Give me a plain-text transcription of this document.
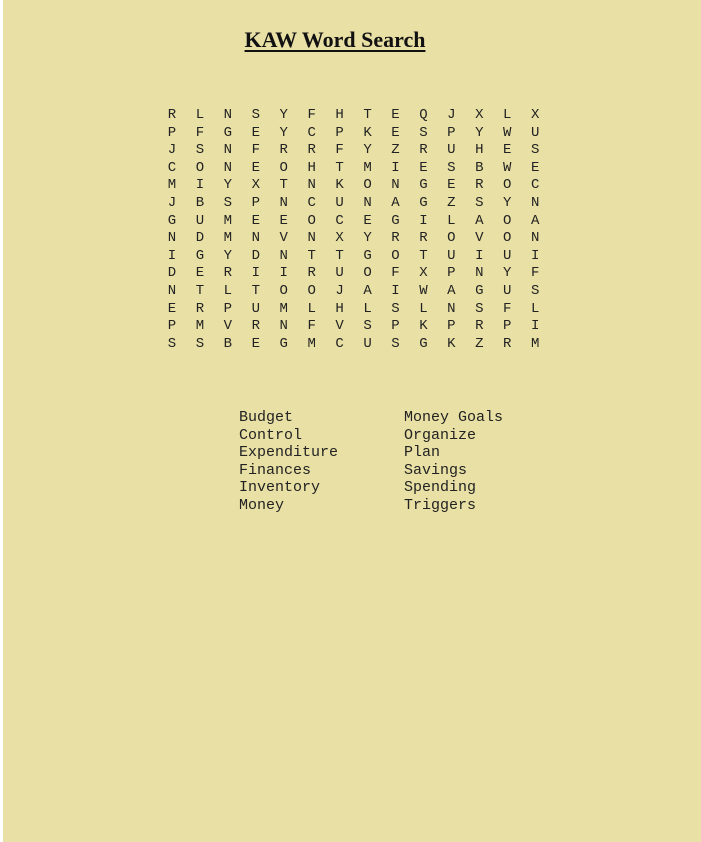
KAW Word Search
R	L	N	S	Y	F	H	T	E	Q	J	X	L	X
P	F	G	E	Y	C	P	K	E	S	P	Y	W	U
J	S	N	F	R	R	F	Y	Z	R	U	H	E	S
C	O	N	E	O	H	T	M	I	E	S	B	W	E
M	I	Y	X	T	N	K	O	N	G	E	R	O	C
J	B	S	P	N	C	U	N	A	G	Z	S	Y	N
G	U	M	E	E	O	C	E	G	I	L	A	O	A
N	D	M	N	V	N	X	Y	R	R	O	V	O	N
I	G	Y	D	N	T	T	G	O	T	U	I	U	I
D	E	R	I	I	R	U	O	F	X	P	N	Y	F
N	T	L	T	O	O	J	A	I	W	A	G	U	S
E	R	P	U	M	L	H	L	S	L	N	S	F	L
P	M	V	R	N	F	V	S	P	K	P	R	P	I
S	S	B	E	G	M	C	U	S	G	K	Z	R	M
Budget
Control
Expenditure
Finances
Inventory
Money
Money Goals
Organize
Plan
Savings
Spending
Triggers
